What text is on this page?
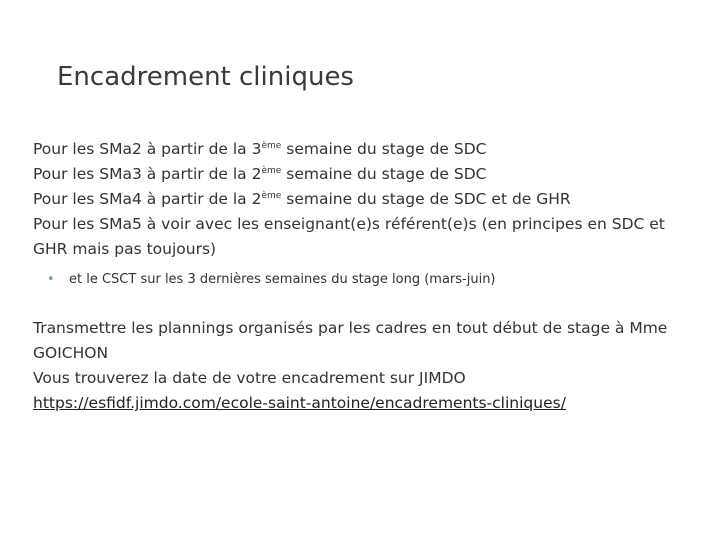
Encadrement cliniques
Pour les SMa2 à partir de la 3ème semaine du stage de SDC
Pour les SMa3 à partir de la 2ème semaine du stage de SDC
Pour les SMa4 à partir de la 2ème semaine du stage de SDC et de GHR
Pour les SMa5 à voir avec les enseignant(e)s référent(e)s (en principes en SDC et GHR mais pas toujours)
• et le CSCT sur les 3 dernières semaines du stage long (mars-juin)
Transmettre les plannings organisés par les cadres en tout début de stage à Mme GOICHON
Vous trouverez la date de votre encadrement sur JIMDO
https://esfidf.jimdo.com/ecole-saint-antoine/encadrements-cliniques/
